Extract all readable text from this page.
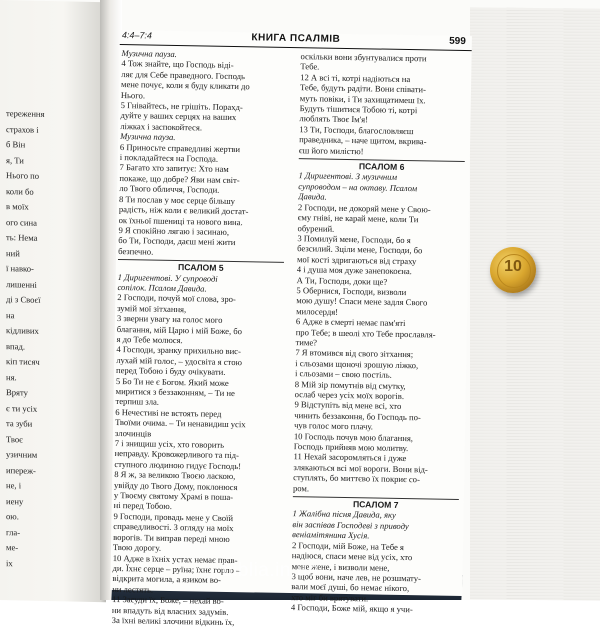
тереження
страхов і
б Він
я, Ти
Нього по
коли бо
в моїх
ого сина
ть: Нема
ний
ї навко-
лишенні
ді з Своєї
на
кідливих
впад.
кіп тисяч
ня.
Вряту
є ти усіх
та зуби
Твоє
узичним
ипереж-
не, і
иену
ою.
гла-
ме-
іх
4:4–7:4	КНИГА ПСАЛМІВ	599
Музична пауза.
4 Тож знайте, що Господь віді-
ляє для Себе праведного. Господь
мене почує, коли я буду кликати до
Нього.
5 Гнівайтесь, не грішіть. Порахд-
дуйте у ваших серцях на ваших
ліжках і заспокойтеся.
Музична пауза.
6 Приносьте справедливі жертви
і покладайтеся на Господа.
7 Багато хто запитує: Хто нам
покаже, що добре? Яви нам світ-
ло Твого обличчя, Господи.
8 Ти послав у моє серце більшу
радість, ніж коли є великий достат-
ок їхньої пшениці та нового вина.
9 Я спокійно лягаю і засинаю,
бо Ти, Господи, даєш мені жити
безпечно.
ПСАЛОМ 5
1 Диригентові. У супроводі
сопілок. Псалом Давида.
2 Господи, почуй мої слова, зро-
зумій мої зітхання,
3 зверни увагу на голос мого
благання, мій Царю і мій Боже, бо
я до Тебе молюся.
4 Господи, зранку прихильно вис-
лухай мій голос, – удосвіта я стою
перед Тобою і буду очікувати.
5 Бо Ти не є Богом. Який може
миритися з беззаконням, – Ти не
терпиш зла.
6 Нечестиві не встоять перед
Твоїми очима. – Ти ненавидиш усіх
злочинців
7 і знищиш усіх, хто говорить
неправду. Кровожерливого та під-
ступного людиною гидує Господь!
8 Я ж, за великою Твоєю ласкою,
увійду до Твого Дому, поклонюся
у Твоєму святому Храмі в поша-
ні перед Тобою.
9 Господи, провадь мене у Своїй
справедливості. З огляду на моїх
ворогів. Ти виправ переді мною
Твою дорогу.
10 Адже в їхніх устах немає прав-
ди. Їхнє серце – руїна; їхнє горло –
відкрита могила, а язиком во-
ни лестять.
11 Засуди їх, Боже, – нехай во-
ни впадуть від власних задумів.
За їхні великі злочини відкинь їх,
оскільки вони збунтувалися проти
Тебе.
12 А всі ті, котрі надіються на
Тебе, будуть радіти. Вони співати-
муть повіки, і Ти захищатимеш їх.
Будуть тішитися Тобою ті, котрі
люблять Твоє Ім'я!
13 Ти, Господи, благословляєш
праведника, – наче щитом, вкрива-
єш його милістю!
ПСАЛОМ 6
1 Диригентові. З музичним
супроводом – на октаву. Псалом
Давида.
2 Господи, не докоряй мене у Свою-
єму гніві, не карай мене, коли Ти
обурений.
3 Помилуй мене, Господи, бо я
безсилий. Зціли мене, Господи, бо
мої кості здригаються від страху
4 і душа моя дуже занепокоєна.
А Ти, Господи, доки ще?
5 Обернися, Господи, визволи
мою душу! Спаси мене задля Свого
милосердя!
6 Адже в смерті немає пам'яті
про Тебе; в шеолі хто Тебе прославля-
тиме?
7 Я втомився від свого зітхання;
і сльозами щоночі зрошую ліжко,
і сльозами – свою постіль.
8 Мій зір помутнів від смутку,
ослаб через усіх моїх ворогів.
9 Відступіть від мене всі, хто
чинить беззаконня, бо Господь по-
чув голос мого плачу.
10 Господь почув мою благання,
Господь прийняв мою молитву.
11 Нехай засоромляться і дуже
злякаються всі мої вороги. Вони від-
ступлять, бо миттєво їх покриє со-
ром.
ПСАЛОМ 7
1 Жалібна пісня Давида, яку
він заспівав Господеві з приводу
веніамітянина Хусія.
2 Господи, мій Боже, на Тебе я
надіюся, спаси мене від усіх, хто
мене жене, і визволи мене,
3 щоб вони, наче лев, не розшмату-
вали моєї душі, бо немає нікого,
хто міг би врятувати.
4 Господи, Боже мій, якщо я учи-
10
biblia.in.ua
